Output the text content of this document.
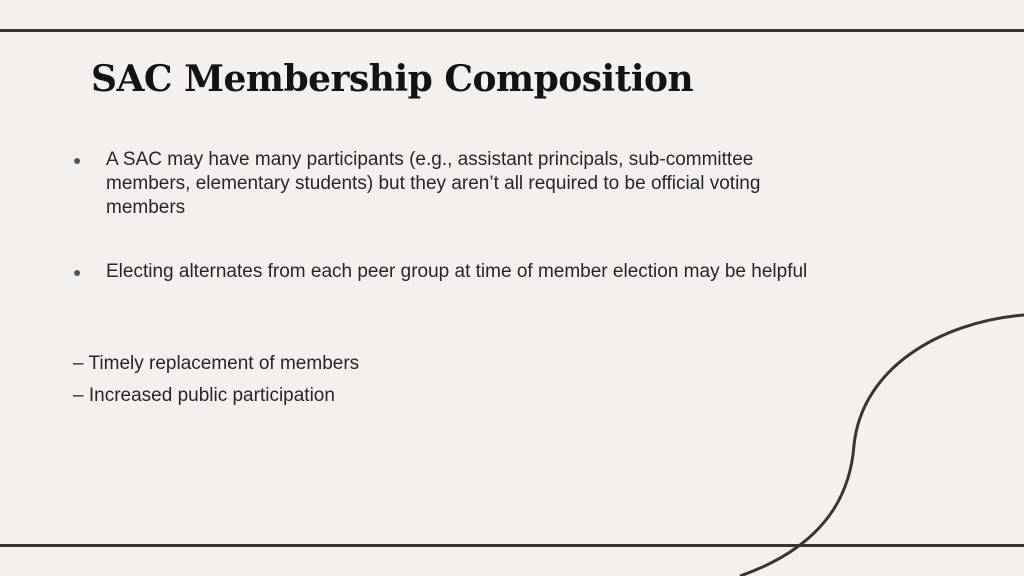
SAC Membership Composition
● A SAC may have many participants (e.g., assistant principals, sub-committee members, elementary students) but they aren’t all required to be official voting members
● Electing alternates from each peer group at time of member election may be helpful
– Timely replacement of members
– Increased public participation
